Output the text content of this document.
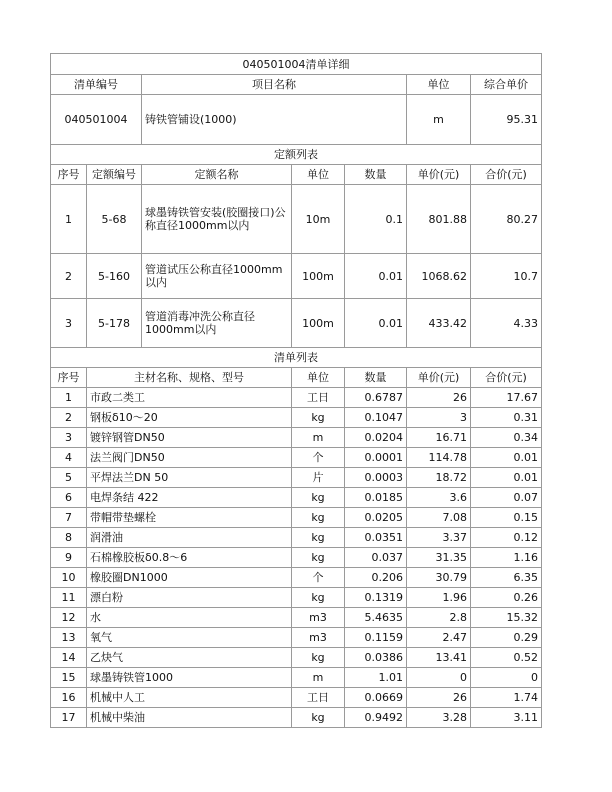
040501004清单详细						
清单编号		项目名称			单位	综合单价
040501004		铸铁管铺设(1000)			m	95.31
定额列表						
序号	定额编号	定额名称	单位	数量	单价(元)	合价(元)
1	5-68	球墨铸铁管安装(胶圈接口)公称直径1000mm以内	10m	0.1	801.88	80.27
2	5-160	管道试压公称直径1000mm以内	100m	0.01	1068.62	10.7
3	5-178	管道消毒冲洗公称直径1000mm以内	100m	0.01	433.42	4.33
清单列表						
序号	主材名称、规格、型号		单位	数量	单价(元)	合价(元)
1	市政二类工		工日	0.6787	26	17.67
2	钢板δ10～20		kg	0.1047	3	0.31
3	镀锌钢管DN50		m	0.0204	16.71	0.34
4	法兰阀门DN50		个	0.0001	114.78	0.01
5	平焊法兰DN 50		片	0.0003	18.72	0.01
6	电焊条结 422		kg	0.0185	3.6	0.07
7	带帽带垫螺栓		kg	0.0205	7.08	0.15
8	润滑油		kg	0.0351	3.37	0.12
9	石棉橡胶板δ0.8～6		kg	0.037	31.35	1.16
10	橡胶圈DN1000		个	0.206	30.79	6.35
11	漂白粉		kg	0.1319	1.96	0.26
12	水		m3	5.4635	2.8	15.32
13	氧气		m3	0.1159	2.47	0.29
14	乙炔气		kg	0.0386	13.41	0.52
15	球墨铸铁管1000		m	1.01	0	0
16	机械中人工		工日	0.0669	26	1.74
17	机械中柴油		kg	0.9492	3.28	3.11
